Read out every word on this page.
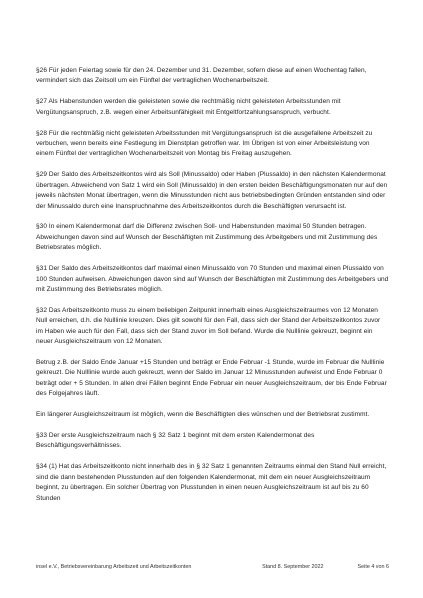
§26 Für jeden Feiertag sowie für den 24. Dezember und 31. Dezember, sofern diese auf einen Wochentag fallen, vermindert sich das Zeitsoll um ein Fünftel der vertraglichen Wochenarbeitszeit.

§27 Als Habenstunden werden die geleisteten sowie die rechtmäßig nicht geleisteten Arbeitsstunden mit Vergütungsanspruch, z.B. wegen einer Arbeitsunfähigkeit mit Entgeltfortzahlungsanspruch, verbucht.

§28 Für die rechtmäßig nicht geleisteten Arbeitsstunden mit Vergütungsanspruch ist die ausgefallene Arbeitszeit zu verbuchen, wenn bereits eine Festlegung im Dienstplan getroffen war. Im Übrigen ist von einer Arbeitsleistung von einem Fünftel der vertraglichen Wochenarbeitszeit von Montag bis Freitag auszugehen.

§29 Der Saldo des Arbeitszeitkontos wird als Soll (Minussaldo) oder Haben (Plussaldo) in den nächsten Kalendermonat übertragen. Abweichend von Satz 1 wird ein Soll (Minussaldo) in den ersten beiden Beschäftigungsmonaten nur auf den jeweils nächsten Monat übertragen, wenn die Minusstunden nicht aus betriebsbedingten Gründen entstanden sind oder der Minussaldo durch eine Inanspruchnahme des Arbeitszeitkontos durch die Beschäftigten verursacht ist.

§30 In einem Kalendermonat darf die Differenz zwischen Soll- und Habenstunden maximal 50 Stunden betragen. Abweichungen davon sind auf Wunsch der Beschäftigten mit Zustimmung des Arbeitgebers und mit Zustimmung des Betriebsrates möglich.

§31 Der Saldo des Arbeitszeitkontos darf maximal einen Minussaldo von 70 Stunden und maximal einen Plussaldo von 100 Stunden aufweisen. Abweichungen davon sind auf Wunsch der Beschäftigten mit Zustimmung des Arbeitgebers und mit Zustimmung des Betriebsrates möglich.

§32 Das Arbeitszeitkonto muss zu einem beliebigen Zeitpunkt innerhalb eines Ausgleichszeitraumes von 12 Monaten Null erreichen, d.h. die Nulllinie kreuzen. Dies gilt sowohl für den Fall, dass sich der Stand der Arbeitszeitkontos zuvor im Haben wie auch für den Fall, dass sich der Stand zuvor im Soll befand. Wurde die Nulllinie gekreuzt, beginnt ein neuer Ausgleichszeitraum von 12 Monaten.

Betrug z.B. der Saldo Ende Januar +15 Stunden und beträgt er Ende Februar -1 Stunde, wurde im Februar die Nulllinie gekreuzt. Die Nulllinie wurde auch gekreuzt, wenn der Saldo im Januar 12 Minusstunden aufweist und Ende Februar 0 beträgt oder + 5 Stunden. In allen drei Fällen beginnt Ende Februar ein neuer Ausgleichszeitraum, der bis Ende Februar des Folgejahres läuft.

Ein längerer Ausgleichszeitraum ist möglich, wenn die Beschäftigten dies wünschen und der Betriebsrat zustimmt.

§33 Der erste Ausgleichszeitraum nach § 32 Satz 1 beginnt mit dem ersten Kalendermonat des Beschäftigungsverhältnisses.

§34 (1) Hat das Arbeitszeitkonto nicht innerhalb des in § 32 Satz 1 genannten Zeitraums einmal den Stand Null erreicht, sind die dann bestehenden Plusstunden auf den folgenden Kalendermonat, mit dem ein neuer Ausgleichszeitraum beginnt, zu übertragen. Ein solcher Übertrag von Plusstunden in einen neuen Ausgleichszeitraum ist auf bis zu 60 Stunden

insel e.V., Betriebsvereinbarung Arbeitszeit und Arbeitszeitkonten	Stand 8. September 2022	Seite 4 von 6
